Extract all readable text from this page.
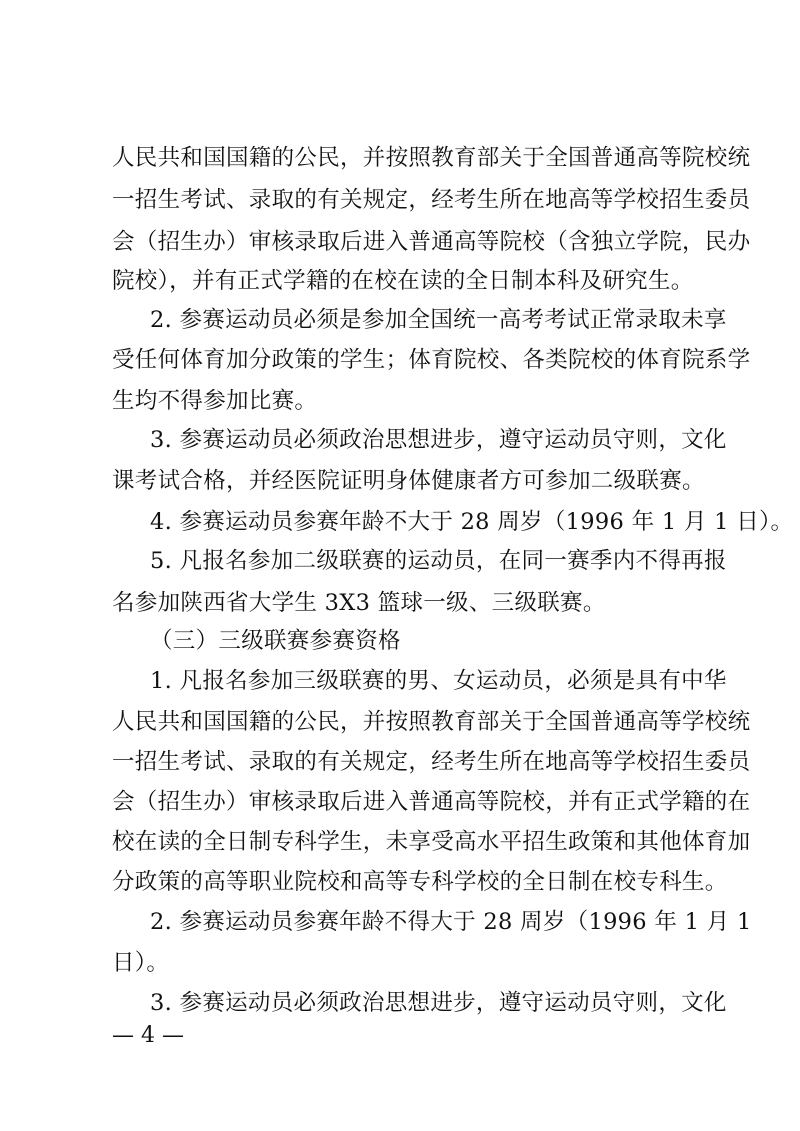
人民共和国国籍的公民，并按照教育部关于全国普通高等院校统
一招生考试、录取的有关规定，经考生所在地高等学校招生委员
会（招生办）审核录取后进入普通高等院校（含独立学院，民办
院校），并有正式学籍的在校在读的全日制本科及研究生。
2. 参赛运动员必须是参加全国统一高考考试正常录取未享
受任何体育加分政策的学生；体育院校、各类院校的体育院系学
生均不得参加比赛。
3. 参赛运动员必须政治思想进步，遵守运动员守则，文化
课考试合格，并经医院证明身体健康者方可参加二级联赛。
4. 参赛运动员参赛年龄不大于 28 周岁（1996 年 1 月 1 日）。
5. 凡报名参加二级联赛的运动员，在同一赛季内不得再报
名参加陕西省大学生 3X3 篮球一级、三级联赛。
（三）三级联赛参赛资格
1. 凡报名参加三级联赛的男、女运动员，必须是具有中华
人民共和国国籍的公民，并按照教育部关于全国普通高等学校统
一招生考试、录取的有关规定，经考生所在地高等学校招生委员
会（招生办）审核录取后进入普通高等院校，并有正式学籍的在
校在读的全日制专科学生，未享受高水平招生政策和其他体育加
分政策的高等职业院校和高等专科学校的全日制在校专科生。
2. 参赛运动员参赛年龄不得大于 28 周岁（1996 年 1 月 1
日）。
3. 参赛运动员必须政治思想进步，遵守运动员守则，文化
— 4 —
